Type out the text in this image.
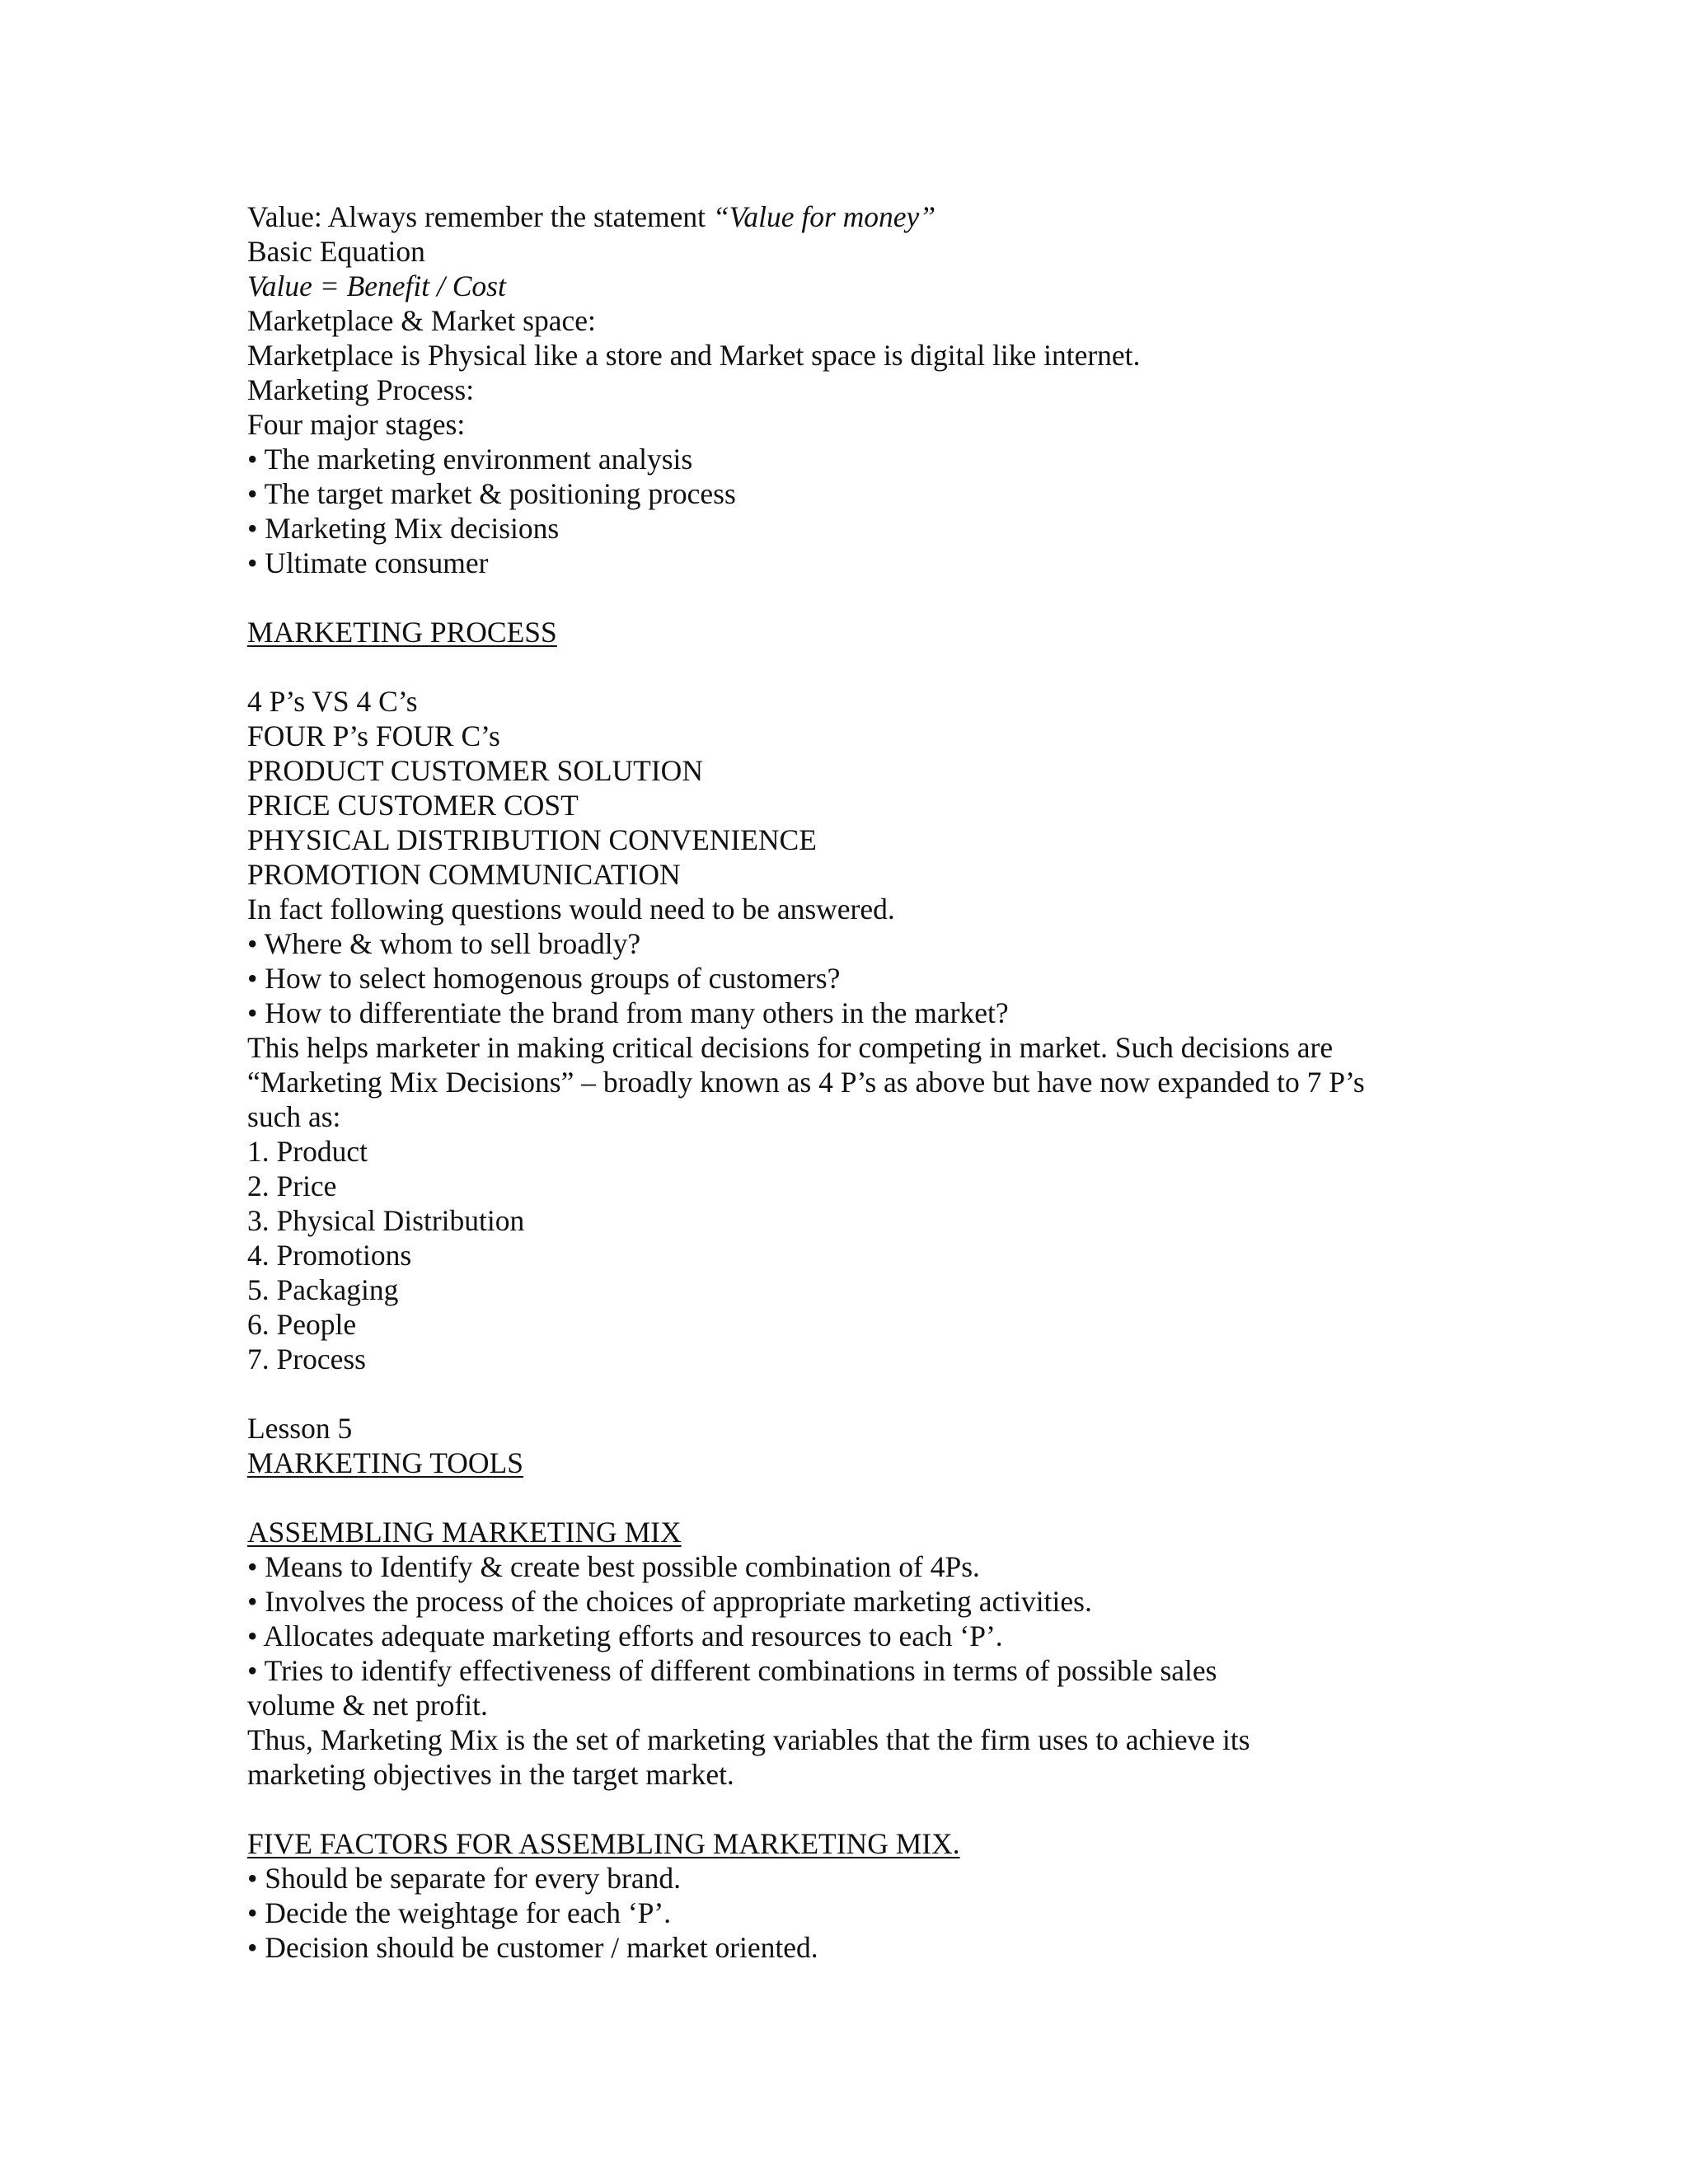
Value: Always remember the statement “Value for money”
Basic Equation
Value = Benefit / Cost
Marketplace & Market space:
Marketplace is Physical like a store and Market space is digital like internet.
Marketing Process:
Four major stages:
• The marketing environment analysis
• The target market & positioning process
• Marketing Mix decisions
• Ultimate consumer
MARKETING PROCESS
4 P’s VS 4 C’s
FOUR P’s FOUR C’s
PRODUCT CUSTOMER SOLUTION
PRICE CUSTOMER COST
PHYSICAL DISTRIBUTION CONVENIENCE
PROMOTION COMMUNICATION
In fact following questions would need to be answered.
• Where & whom to sell broadly?
• How to select homogenous groups of customers?
• How to differentiate the brand from many others in the market?
This helps marketer in making critical decisions for competing in market. Such decisions are
“Marketing Mix Decisions” – broadly known as 4 P’s as above but have now expanded to 7 P’s
such as:
1. Product
2. Price
3. Physical Distribution
4. Promotions
5. Packaging
6. People
7. Process
Lesson 5
MARKETING TOOLS
ASSEMBLING MARKETING MIX
• Means to Identify & create best possible combination of 4Ps.
• Involves the process of the choices of appropriate marketing activities.
• Allocates adequate marketing efforts and resources to each ‘P’.
• Tries to identify effectiveness of different combinations in terms of possible sales
volume & net profit.
Thus, Marketing Mix is the set of marketing variables that the firm uses to achieve its
marketing objectives in the target market.
FIVE FACTORS FOR ASSEMBLING MARKETING MIX.
• Should be separate for every brand.
• Decide the weightage for each ‘P’.
• Decision should be customer / market oriented.
